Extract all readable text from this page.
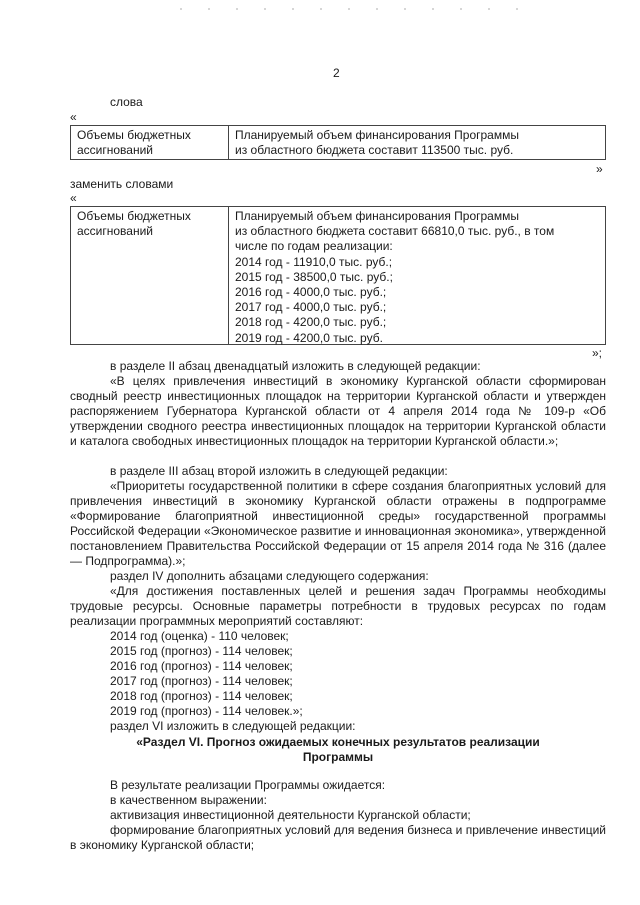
2
слова
«
Объемы бюджетных
ассигнований
Планируемый объем финансирования Программы
из областного бюджета составит 113500 тыс. руб.
»
заменить словами
«
Объемы бюджетных
ассигнований
Планируемый объем финансирования Программы
из областного бюджета составит 66810,0 тыс. руб., в том
числе по годам реализации:
2014 год - 11910,0 тыс. руб.;
2015 год - 38500,0 тыс. руб.;
2016 год - 4000,0 тыс. руб.;
2017 год - 4000,0 тыс. руб.;
2018 год - 4200,0 тыс. руб.;
2019 год - 4200,0 тыс. руб.
»;
в разделе II абзац двенадцатый изложить в следующей редакции:
«В целях привлечения инвестиций в экономику Курганской области сформирован сводный реестр инвестиционных площадок на территории Курганской области и утвержден распоряжением Губернатора Курганской области от 4 апреля 2014 года № 109-р «Об утверждении сводного реестра инвестиционных площадок на территории Курганской области и каталога свободных инвестиционных площадок на территории Курганской области.»;
в разделе III абзац второй изложить в следующей редакции:
«Приоритеты государственной политики в сфере создания благоприятных условий для привлечения инвестиций в экономику Курганской области отражены в подпрограмме «Формирование благоприятной инвестиционной среды» государственной программы Российской Федерации «Экономическое развитие и инновационная экономика», утвержденной постановлением Правительства Российской Федерации от 15 апреля 2014 года № 316 (далее — Подпрограмма).»;
раздел IV дополнить абзацами следующего содержания:
«Для достижения поставленных целей и решения задач Программы необходимы трудовые ресурсы. Основные параметры потребности в трудовых ресурсах по годам реализации программных мероприятий составляют:
2014 год (оценка) - 110 человек;
2015 год (прогноз) - 114 человек;
2016 год (прогноз) - 114 человек;
2017 год (прогноз) - 114 человек;
2018 год (прогноз) - 114 человек;
2019 год (прогноз) - 114 человек.»;
раздел VI изложить в следующей редакции:
«Раздел VI. Прогноз ожидаемых конечных результатов реализации
Программы
В результате реализации Программы ожидается:
в качественном выражении:
активизация инвестиционной деятельности Курганской области;
формирование благоприятных условий для ведения бизнеса и привлечение инвестиций в экономику Курганской области;
